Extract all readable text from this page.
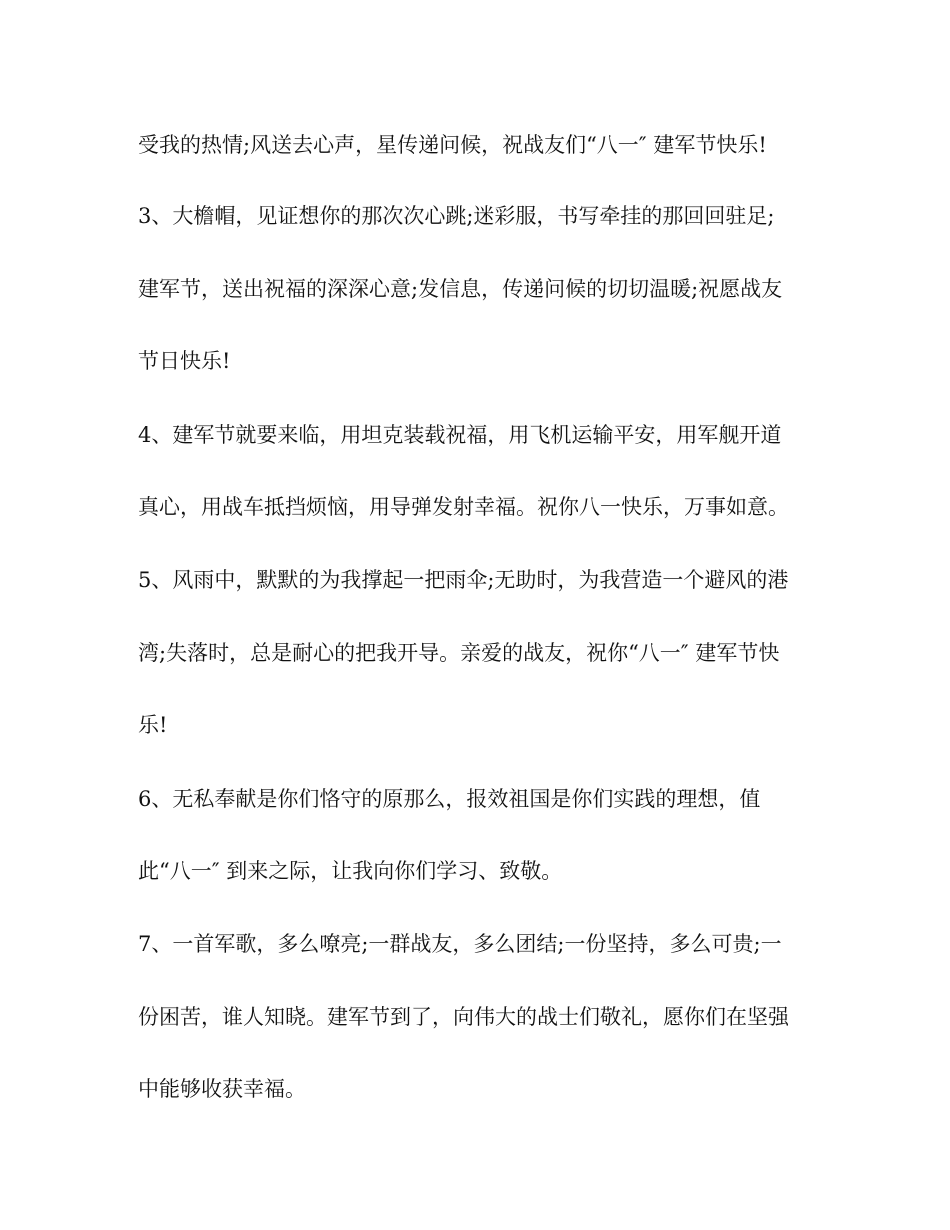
受我的热情;风送去心声，星传递问候，祝战友们“八一″ 建军节快乐!
3、大檐帽，见证想你的那次次心跳;迷彩服，书写牵挂的那回回驻足;
建军节，送出祝福的深深心意;发信息，传递问候的切切温暖;祝愿战友
节日快乐!
4、建军节就要来临，用坦克装载祝福，用飞机运输平安，用军舰开道
真心，用战车抵挡烦恼，用导弹发射幸福。祝你八一快乐，万事如意。
5、风雨中，默默的为我撑起一把雨伞;无助时，为我营造一个避风的港
湾;失落时，总是耐心的把我开导。亲爱的战友，祝你“八一″ 建军节快
乐!
6、无私奉献是你们恪守的原那么，报效祖国是你们实践的理想，值
此“八一″ 到来之际，让我向你们学习、致敬。
7、一首军歌，多么嘹亮;一群战友，多么团结;一份坚持，多么可贵;一
份困苦，谁人知晓。建军节到了，向伟大的战士们敬礼，愿你们在坚强
中能够收获幸福。
